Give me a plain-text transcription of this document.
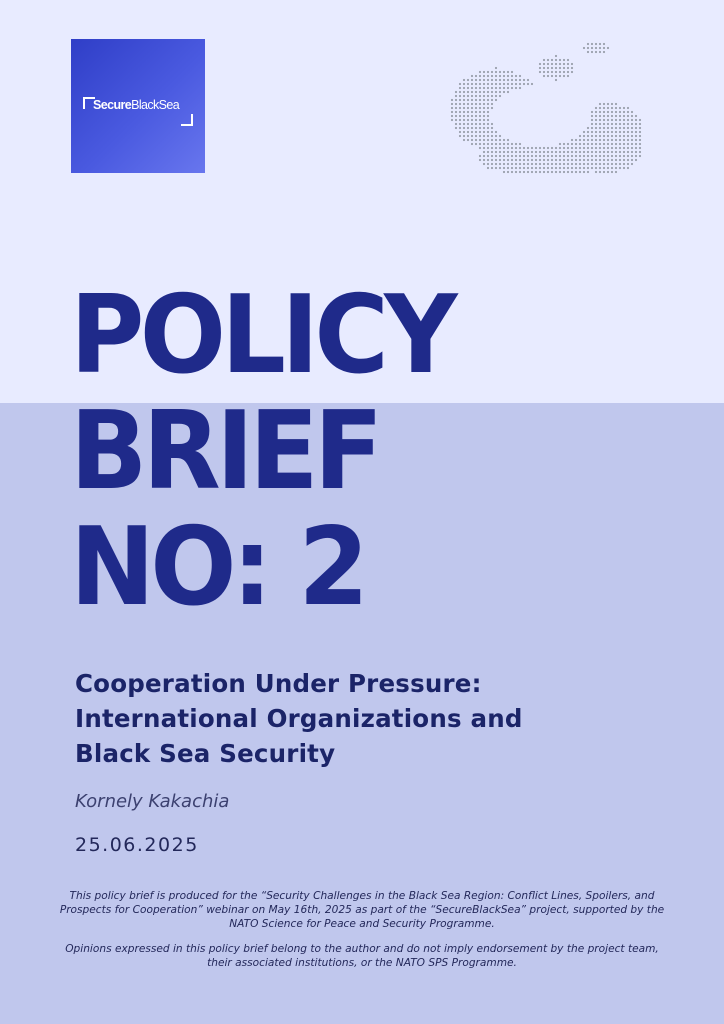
SecureBlackSea
POLICY
BRIEF
NO: 2
Cooperation Under Pressure:
International Organizations and
Black Sea Security
Kornely Kakachia
25.06.2025
This policy brief is produced for the “Security Challenges in the Black Sea Region: Conflict Lines, Spoilers, and Prospects for Cooperation” webinar on May 16th, 2025 as part of the “SecureBlackSea” project, supported by the NATO Science for Peace and Security Programme.
Opinions expressed in this policy brief belong to the author and do not imply endorsement by the project team, their associated institutions, or the NATO SPS Programme.
